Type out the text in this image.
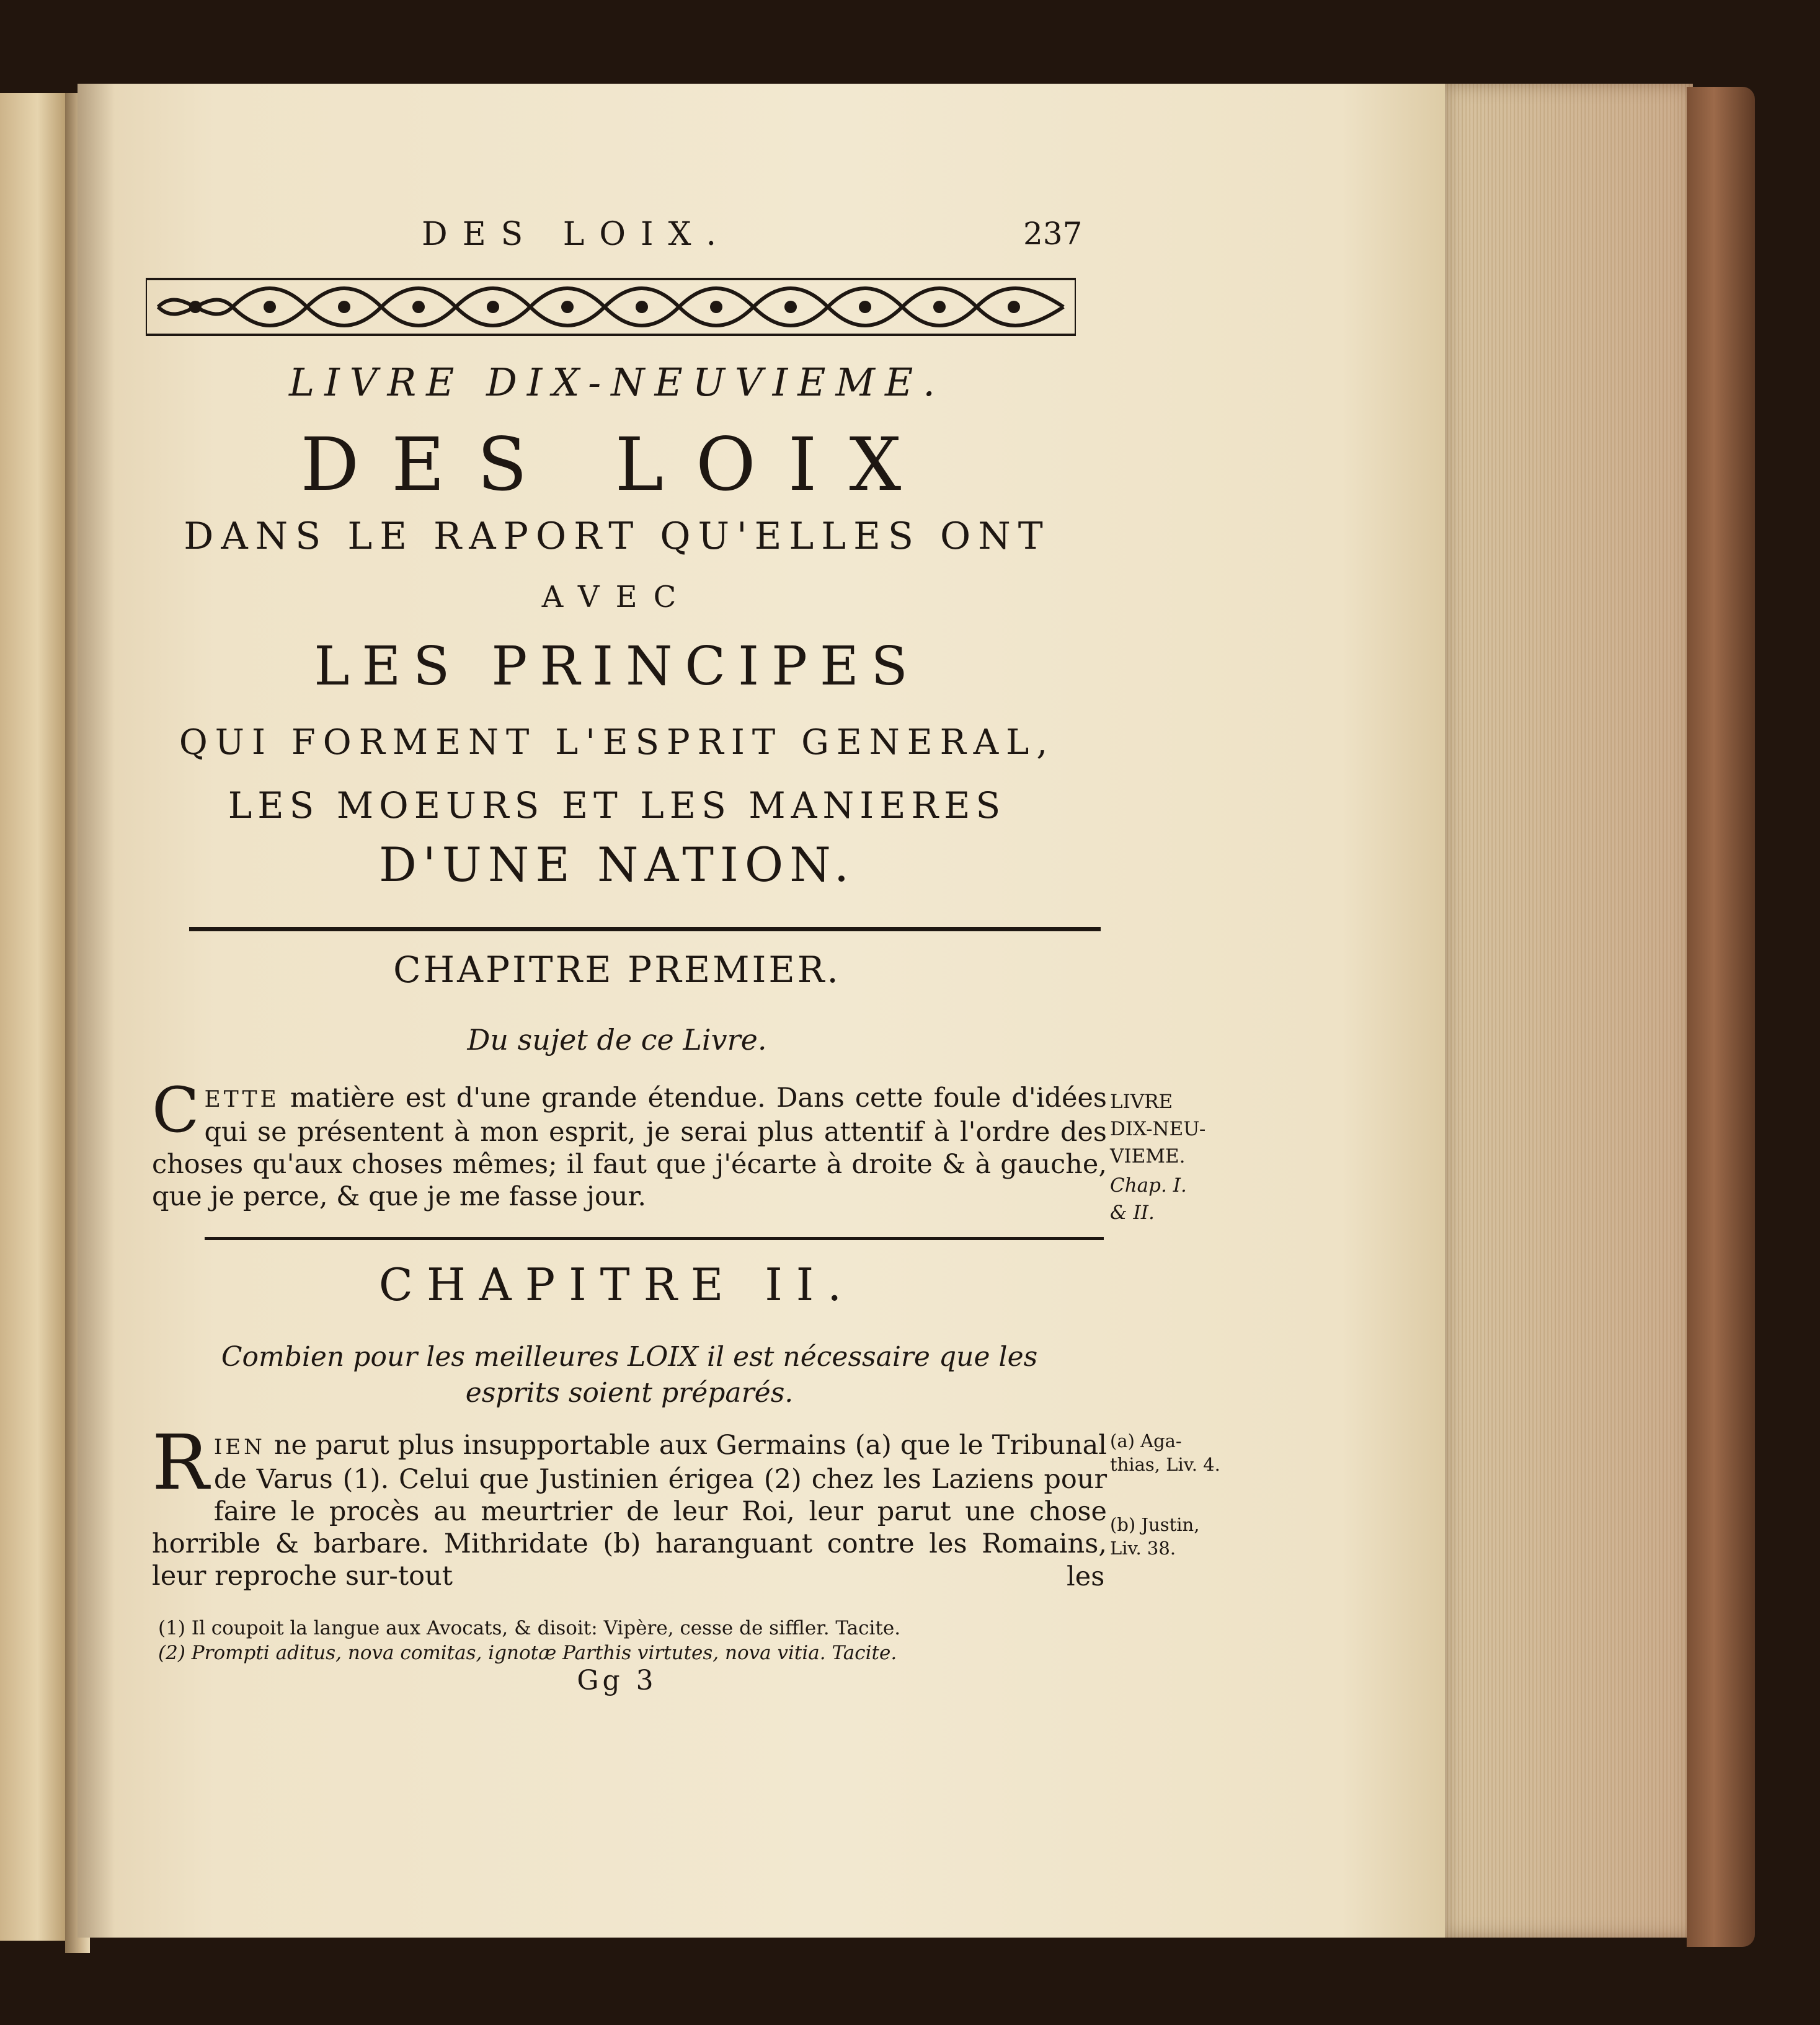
DES LOIX.	237
LIVRE DIX-NEUVIEME.
DES LOIX
DANS LE RAPORT QU'ELLES ONT
AVEC
LES PRINCIPES
QUI FORMENT L'ESPRIT GENERAL,
LES MOEURS ET LES MANIERES
D'UNE NATION.
CHAPITRE PREMIER.
Du sujet de ce Livre.
CETTE matière est d'une grande étendue. Dans cette foule d'idées qui se présentent à mon esprit, je serai plus attentif à l'ordre des choses qu'aux choses mêmes; il faut que j'écarte à droite & à gauche, que je perce, & que je me fasse jour.
CHAPITRE II.
Combien pour les meilleures LOIX il est nécessaire que les esprits soient préparés.
RIEN ne parut plus insupportable aux Germains (a) que le Tribunal de Varus (1). Celui que Justinien érigea (2) chez les Laziens pour faire le procès au meurtrier de leur Roi, leur parut une chose horrible & barbare. Mithridate (b) haranguant contre les Romains, leur reproche sur-tout	les
(1) Il coupoit la langue aux Avocats, & disoit: Vipère, cesse de siffler. Tacite.
(2) Prompti aditus, nova comitas, ignotæ Parthis virtutes, nova vitia. Tacite.
Gg 3
LIVRE
DIX-NEU-
VIEME.
Chap. I.
& II.
(a) Aga-
thias, Liv. 4.
(b) Justin,
Liv. 38.
